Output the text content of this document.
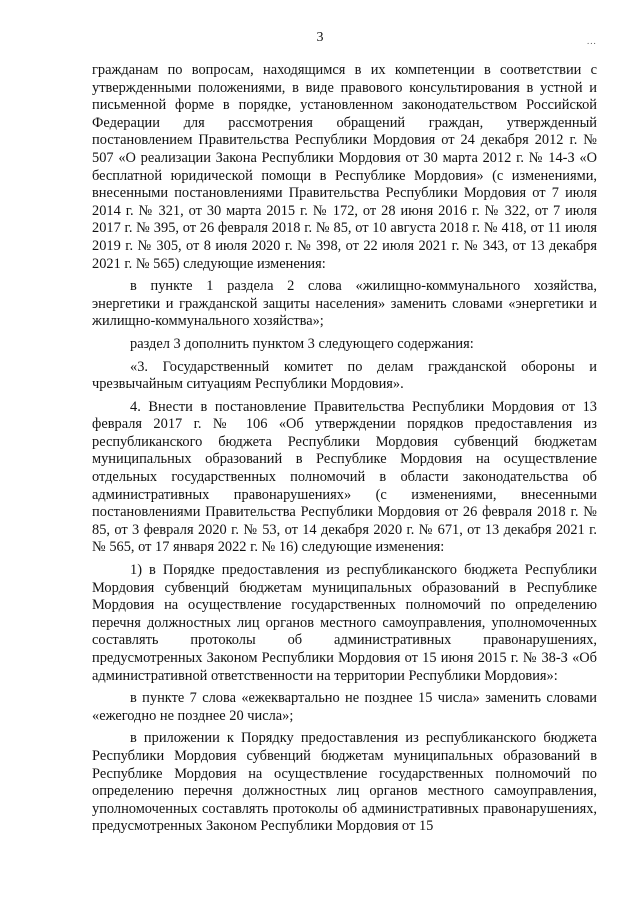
3	...

гражданам по вопросам, находящимся в их компетенции в соответствии с утвержденными положениями, в виде правового консультирования в устной и письменной форме в порядке, установленном законодательством Российской Федерации для рассмотрения обращений граждан, утвержденный постановлением Правительства Республики Мордовия от 24 декабря 2012 г. № 507 «О реализации Закона Республики Мордовия от 30 марта 2012 г. № 14-З «О бесплатной юридической помощи в Республике Мордовия» (с изменениями, внесенными постановлениями Правительства Республики Мордовия от 7 июля 2014 г. № 321, от 30 марта 2015 г. № 172, от 28 июня 2016 г. № 322, от 7 июля 2017 г. № 395, от 26 февраля 2018 г. № 85, от 10 августа 2018 г. № 418, от 11 июля 2019 г. № 305, от 8 июля 2020 г. № 398, от 22 июля 2021 г. № 343, от 13 декабря 2021 г. № 565) следующие изменения:

в пункте 1 раздела 2 слова «жилищно-коммунального хозяйства, энергетики и гражданской защиты населения» заменить словами «энергетики и жилищно-коммунального хозяйства»;

раздел 3 дополнить пунктом 3 следующего содержания:

«3. Государственный комитет по делам гражданской обороны и чрезвычайным ситуациям Республики Мордовия».

4. Внести в постановление Правительства Республики Мордовия от 13 февраля 2017 г. № 106 «Об утверждении порядков предоставления из республиканского бюджета Республики Мордовия субвенций бюджетам муниципальных образований в Республике Мордовия на осуществление отдельных государственных полномочий в области законодательства об административных правонарушениях» (с изменениями, внесенными постановлениями Правительства Республики Мордовия от 26 февраля 2018 г. № 85, от 3 февраля 2020 г. № 53, от 14 декабря 2020 г. № 671, от 13 декабря 2021 г. № 565, от 17 января 2022 г. № 16) следующие изменения:

1) в Порядке предоставления из республиканского бюджета Республики Мордовия субвенций бюджетам муниципальных образований в Республике Мордовия на осуществление государственных полномочий по определению перечня должностных лиц органов местного самоуправления, уполномоченных составлять протоколы об административных правонарушениях, предусмотренных Законом Республики Мордовия от 15 июня 2015 г. № 38-З «Об административной ответственности на территории Республики Мордовия»:

в пункте 7 слова «ежеквартально не позднее 15 числа» заменить словами «ежегодно не позднее 20 числа»;

в приложении к Порядку предоставления из республиканского бюджета Республики Мордовия субвенций бюджетам муниципальных образований в Республике Мордовия на осуществление государственных полномочий по определению перечня должностных лиц органов местного самоуправления, уполномоченных составлять протоколы об административных правонарушениях, предусмотренных Законом Республики Мордовия от 15
